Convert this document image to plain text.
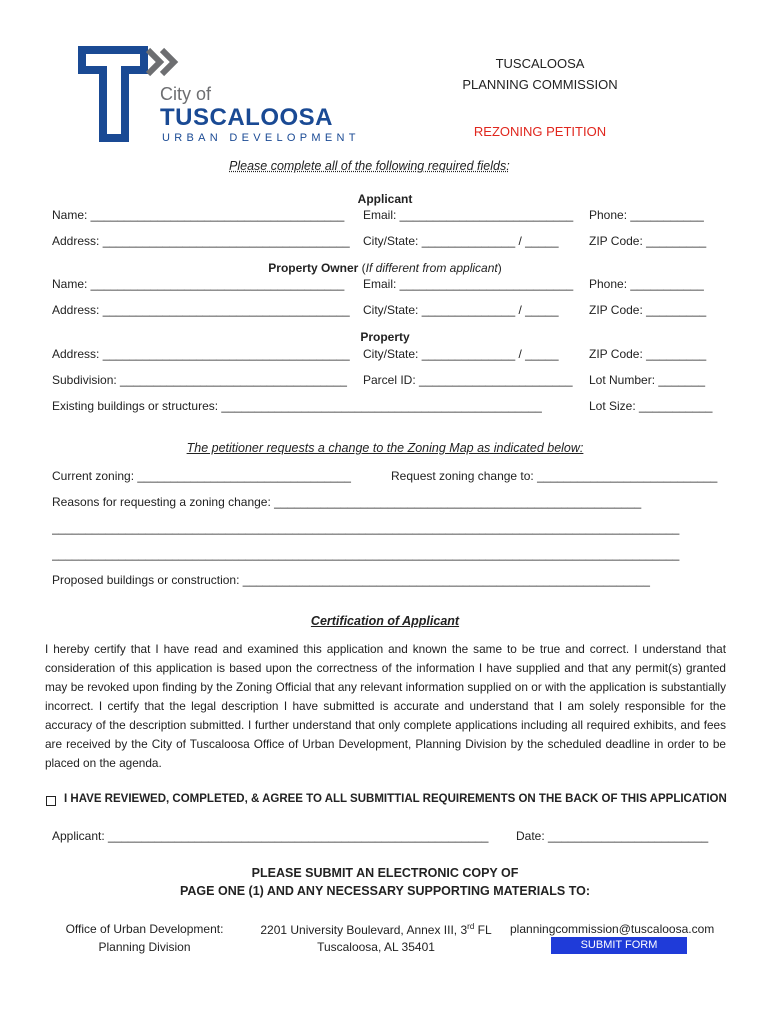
City of
TUSCALOOSA
URBAN DEVELOPMENT
TUSCALOOSA
PLANNING COMMISSION
REZONING PETITION
Please complete all of the following required fields:
Applicant
Name: ______________________________________ Email: __________________________ Phone: ___________
Address: _____________________________________ City/State: ______________ / _____	ZIP Code: _________
Property Owner (If different from applicant)
Name: ______________________________________ Email: __________________________ Phone: ___________
Address: _____________________________________ City/State: ______________ / _____	ZIP Code: _________
Property
Address: _____________________________________ City/State: ______________ / _____	ZIP Code: _________
Subdivision: __________________________________ Parcel ID: _______________________ Lot Number: _______
Existing buildings or structures: ________________________________________________	Lot Size: ___________
The petitioner requests a change to the Zoning Map as indicated below:
Current zoning: ________________________________	Request zoning change to: ___________________________
Reasons for requesting a zoning change: _______________________________________________________
______________________________________________________________________________________________
______________________________________________________________________________________________
Proposed buildings or construction: _____________________________________________________________
Certification of Applicant
I hereby certify that I have read and examined this application and known the same to be true and correct. I understand that consideration of this application is based upon the correctness of the information I have supplied and that any permit(s) granted may be revoked upon finding by the Zoning Official that any relevant information supplied on or with the application is substantially incorrect. I certify that the legal description I have submitted is accurate and understand that I am solely responsible for the accuracy of the description submitted. I further understand that only complete applications including all required exhibits, and fees are received by the City of Tuscaloosa Office of Urban Development, Planning Division by the scheduled deadline in order to be placed on the agenda.
I HAVE REVIEWED, COMPLETED, & AGREE TO ALL SUBMITTIAL REQUIREMENTS ON THE BACK OF THIS APPLICATION
Applicant: _________________________________________________________ Date: ________________________
PLEASE SUBMIT AN ELECTRONIC COPY OF
PAGE ONE (1) AND ANY NECESSARY SUPPORTING MATERIALS TO:
Office of Urban Development:
Planning Division
2201 University Boulevard, Annex III, 3rd FL
Tuscaloosa, AL 35401
planningcommission@tuscaloosa.com
SUBMIT FORM
